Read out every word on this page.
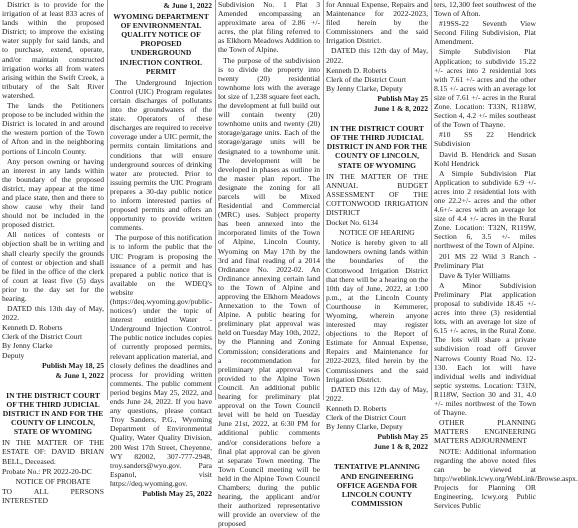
District is to provide for the irrigation of at least 833 acres of lands within the proposed District; to improve the existing water supply for said lands, and to purchase, extend, operate, and/or maintain constructed irrigation works all from waters arising within the Swift Creek, a tributary of the Salt River watershed.

The lands the Petitioners propose to be included within the District is located in and around the western portion of the Town of Afton and in the neighboring portions of Lincoln County.

Any person owning or having an interest in any lands within the boundary of the proposed district, may appear at the time and place state, then and there to show cause why their land should not be included in the proposed district.

All notices of contests or objection shall be in writing and shall clearly specify the grounds of contest or objection and shall be filed in the office of the clerk of court at least five (5) days prior to the day set for the hearing.

DATED this 13th day of May, 2022.

Kenneth D. Roberts
Clerk of the District Court
By Jenny Clarke
Deputy
Publish May 18, 25
& June 1, 2022
IN THE DISTRICT COURT OF THE THIRD JUDICIAL DISTRICT IN AND FOR THE COUNTY OF LINCOLN, STATE OF WYOMING

IN THE MATTER OF THE ESTATE OF: DAVID BRIAN BELL, Deceased.

Probate No.: PR 2022-20-DC

NOTICE OF PROBATE

TO ALL PERSONS INTERESTED

& June 1, 2022
WYOMING DEPARTMENT OF ENVIRONMENTAL QUALITY NOTICE OF PROPOSED UNDERGROUND INJECTION CONTROL PERMIT

The Underground Injection Control (UIC) Program regulates certain discharges of pollutants into the groundwaters of the state. Operators of these discharges are required to receive coverage under a UIC permit, the permits contain limitations and conditions that will ensure underground sources of drinking water are protected. Prior to issuing permits the UIC Program prepares a 30-day public notice to inform interested parties of proposed permits and offers an opportunity to provide written comments.

The purpose of this notification is to inform the public that the UIC Program is proposing the issuance of a permit and has prepared a public notice that is available on the WDEQ's website (https://deq.wyoming.gov/public-notices/) under the topic of interest entitled Water - Underground Injection Control. The public notice includes copies of currently proposed permits, relevant application material, and closely defines the deadlines and process for providing written comments. The public comment period begins May 25, 2022, and ends June 24, 2022. If you have any questions, please contact Troy Sanders, P.G., Wyoming Department of Environmental Quality, Water Quality Division, 200 West 17th Street, Cheyenne, WY 82002, 307-777-2948, troy.sanders@wyo.gov. Para Espanol, visit https://deq.wyoming.gov.

Publish May 25, 2022

Subdivision No. 1 Plat 3 Amended encompassing an approximate area of 2.86 +/- acres, the plat filing referred to as Elkhorn Meadows Addition to the Town of Alpine.

The purpose of the subdivision is to divide the property into twenty (20) residential townhome lots with the average lot size of 1,238 square feet each, the development at full build out will contain twenty (20) townhome units and twenty (20) storage/garage units. Each of the storage/garage units will be designated to a townhome unit. The development will be developed in phases as outline in the master plan report. The designate the zoning for all parcels will be Mixed Residential and Commercial (MRC) uses. Subject property has been annexed into the incorporated limits of the Town of Alpine, Lincoln County, Wyoming on May 17th by the 3rd and final reading of a 2014 Ordinance No. 2022-02. An Ordinance annexing certain land to the Town of Alpine and approving the Elkhorn Meadows Annexation to the Town of Alpine. A public hearing for preliminary plat approval was held on Tuesday May 10th, 2022, by the Planning and Zoning Commission; considerations and a recommendation for preliminary plat approval was provided to the Alpine Town Council. An additional public hearing for preliminary plat approval on the Town Council level will be held on Tuesday June 21st, 2022, at 6:30 PM for additional public comments and/or considerations before a final plat approval can be given at separate Town meeting. The Town Council meeting will be held in the Alpine Town Council Chambers; during the public hearing, the applicant and/or their authorized representative will provide an overview of the proposed

for Annual Expense, Repairs and Maintenance for 2022-2023, filed herein by the Commissioners and the said Irrigation District.

DATED this 12th day of May, 2022.

Kenneth D. Roberts
Clerk of the District Court
By Jenny Clarke, Deputy
Publish May 25
June 1 & 8, 2022
IN THE DISTRICT COURT OF THE THIRD JUDICIAL DISTRICT IN AND FOR THE COUNTY OF LINCOLN, STATE OF WYOMING

IN THE MATTER OF THE ANNUAL BUDGET ASSESSMENT OF THE COTTONWOOD IRRIGATION DISTRICT

Docket No. 6134

NOTICE OF HEARING

Notice is hereby given to all landowners owning lands within the boundaries of the Cottonwood Irrigation District that there will be a hearing on the 10th day of June, 2022, at 1:00 p.m., at the Lincoln County Courthouse in Kemmerer, Wyoming, wherein anyone interested may register objections to the Report of Estimate for Annual Expense, Repairs and Maintenance for 2022-2023, filed herein by the Commissioners and the said Irrigation District.

DATED this 12th day of May, 2022.

Kenneth D. Roberts
Clerk of the District Court
By Jenny Clarke, Deputy
Publish May 25
June 1 & 8, 2022
TENTATIVE PLANNING AND ENGINEERING OFFICE AGENDA FOR LINCOLN COUNTY COMMISSION

ters, 12,300 feet southwest of the Town of Afton.

#19SS-22 Seventh View Second Filing Subdivision, Plat Amendment.

Simple Subdivision Plat Application; to subdivide 15.22 +/- acres into 2 residential lots with 7.61 +/- acres and the other 8.15 +/- acres with an average lot size of 7.61 +/- acres in the Rural Zone. Location: T33N, R118W, Section 4, 4.2 +/- miles southeast of the Town of Thayne.

#10 SS 22 Hendrick Subdivision

David B. Hendrick and Susan Kohl Hendrick

A Simple Subdivision Plat Application to subdivide 6.9 +/- acres into 2 residential lots with one 22.2+/- acres and the other 4.6+/- acres with an average lot size of 4.4 +/- acres in the Rural Zone. Location: T32N, R119W, Section 6, 3.5 +/- miles northwest of the Town of Alpine.

201 MS 22 Wild 3 Ranch - Preliminary Plat

Dave & Tyler Williams

A Minor Subdivision Preliminary Plat application proposal to subdivide 18.45 +/- acres into three (3) residential lots, with an average lot size of 6.15 +/- acres, in the Rural Zone. The lots will share a private subdivision road off Grover Narrows County Road No. 12-130. Each lot will have individual wells and individual septic systems. Location: T31N, R118W, Section 30 and 31, 4.0 +/- miles northwest of the Town of Thayne.

OTHER PLANNING MATTERS ENGINEERING MATTERS ADJOURNMENT

NOTE: Additional information regarding the above noted files can be viewed at http://weblink.lcwy.org/WebLink/Browse.aspx. Projects for Planning OR Engineering, lcwy.org Public Services Public
